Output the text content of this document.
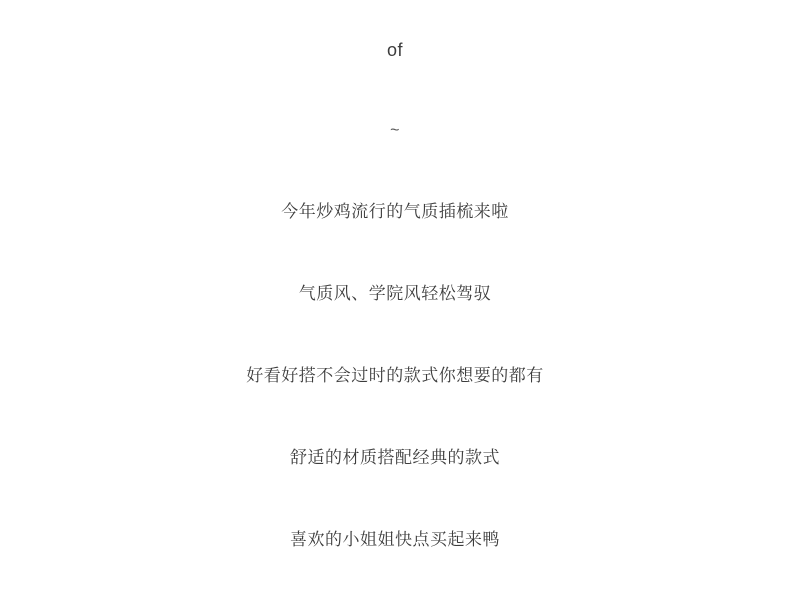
of
~
今年炒鸡流行的气质插梳来啦
气质风、学院风轻松驾驭
好看好搭不会过时的款式你想要的都有
舒适的材质搭配经典的款式
喜欢的小姐姐快点买起来鸭
